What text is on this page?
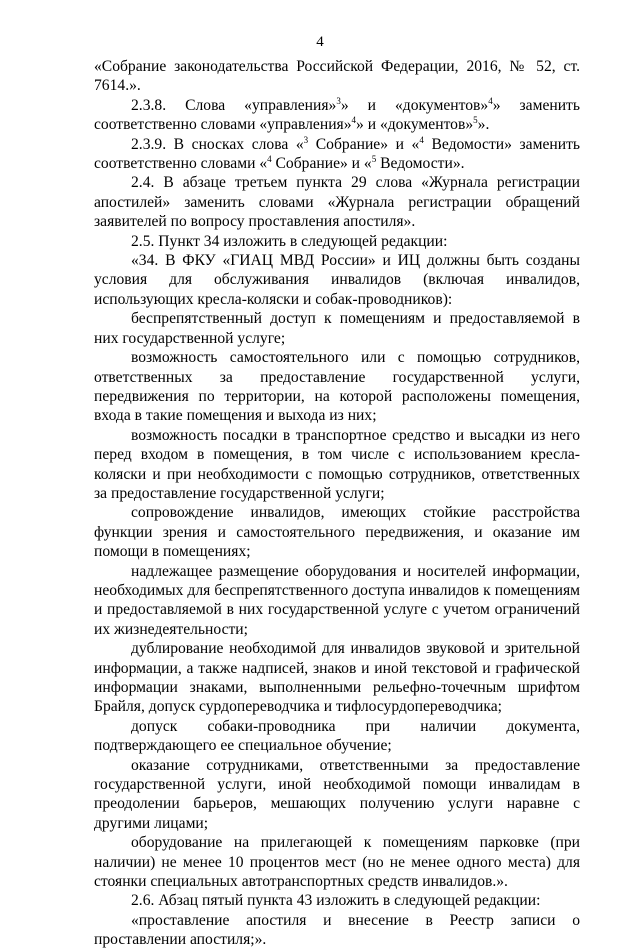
4

«Собрание законодательства Российской Федерации, 2016, № 52, ст. 7614.».

2.3.8. Слова «управления»$^3$» и «документов»$^4$» заменить соответственно словами «управления»$^4$» и «документов»$^5$».

2.3.9. В сносках слова «$^3$ Собрание» и «$^4$ Ведомости» заменить соответственно словами «$^4$ Собрание» и «$^5$ Ведомости».

2.4. В абзаце третьем пункта 29 слова «Журнала регистрации апостилей» заменить словами «Журнала регистрации обращений заявителей по вопросу проставления апостиля».

2.5. Пункт 34 изложить в следующей редакции:

«34. В ФКУ «ГИАЦ МВД России» и ИЦ должны быть созданы условия для обслуживания инвалидов (включая инвалидов, использующих кресла-коляски и собак-проводников):

беспрепятственный доступ к помещениям и предоставляемой в них государственной услуге;

возможность самостоятельного или с помощью сотрудников, ответственных за предоставление государственной услуги, передвижения по территории, на которой расположены помещения, входа в такие помещения и выхода из них;

возможность посадки в транспортное средство и высадки из него перед входом в помещения, в том числе с использованием кресла-коляски и при необходимости с помощью сотрудников, ответственных за предоставление государственной услуги;

сопровождение инвалидов, имеющих стойкие расстройства функции зрения и самостоятельного передвижения, и оказание им помощи в помещениях;

надлежащее размещение оборудования и носителей информации, необходимых для беспрепятственного доступа инвалидов к помещениям и предоставляемой в них государственной услуге с учетом ограничений их жизнедеятельности;

дублирование необходимой для инвалидов звуковой и зрительной информации, а также надписей, знаков и иной текстовой и графической информации знаками, выполненными рельефно-точечным шрифтом Брайля, допуск сурдопереводчика и тифлосурдопереводчика;

допуск собаки-проводника при наличии документа, подтверждающего ее специальное обучение;

оказание сотрудниками, ответственными за предоставление государственной услуги, иной необходимой помощи инвалидам в преодолении барьеров, мешающих получению услуги наравне с другими лицами;

оборудование на прилегающей к помещениям парковке (при наличии) не менее 10 процентов мест (но не менее одного места) для стоянки специальных автотранспортных средств инвалидов.».

2.6. Абзац пятый пункта 43 изложить в следующей редакции:

«проставление апостиля и внесение в Реестр записи о проставлении апостиля;».
